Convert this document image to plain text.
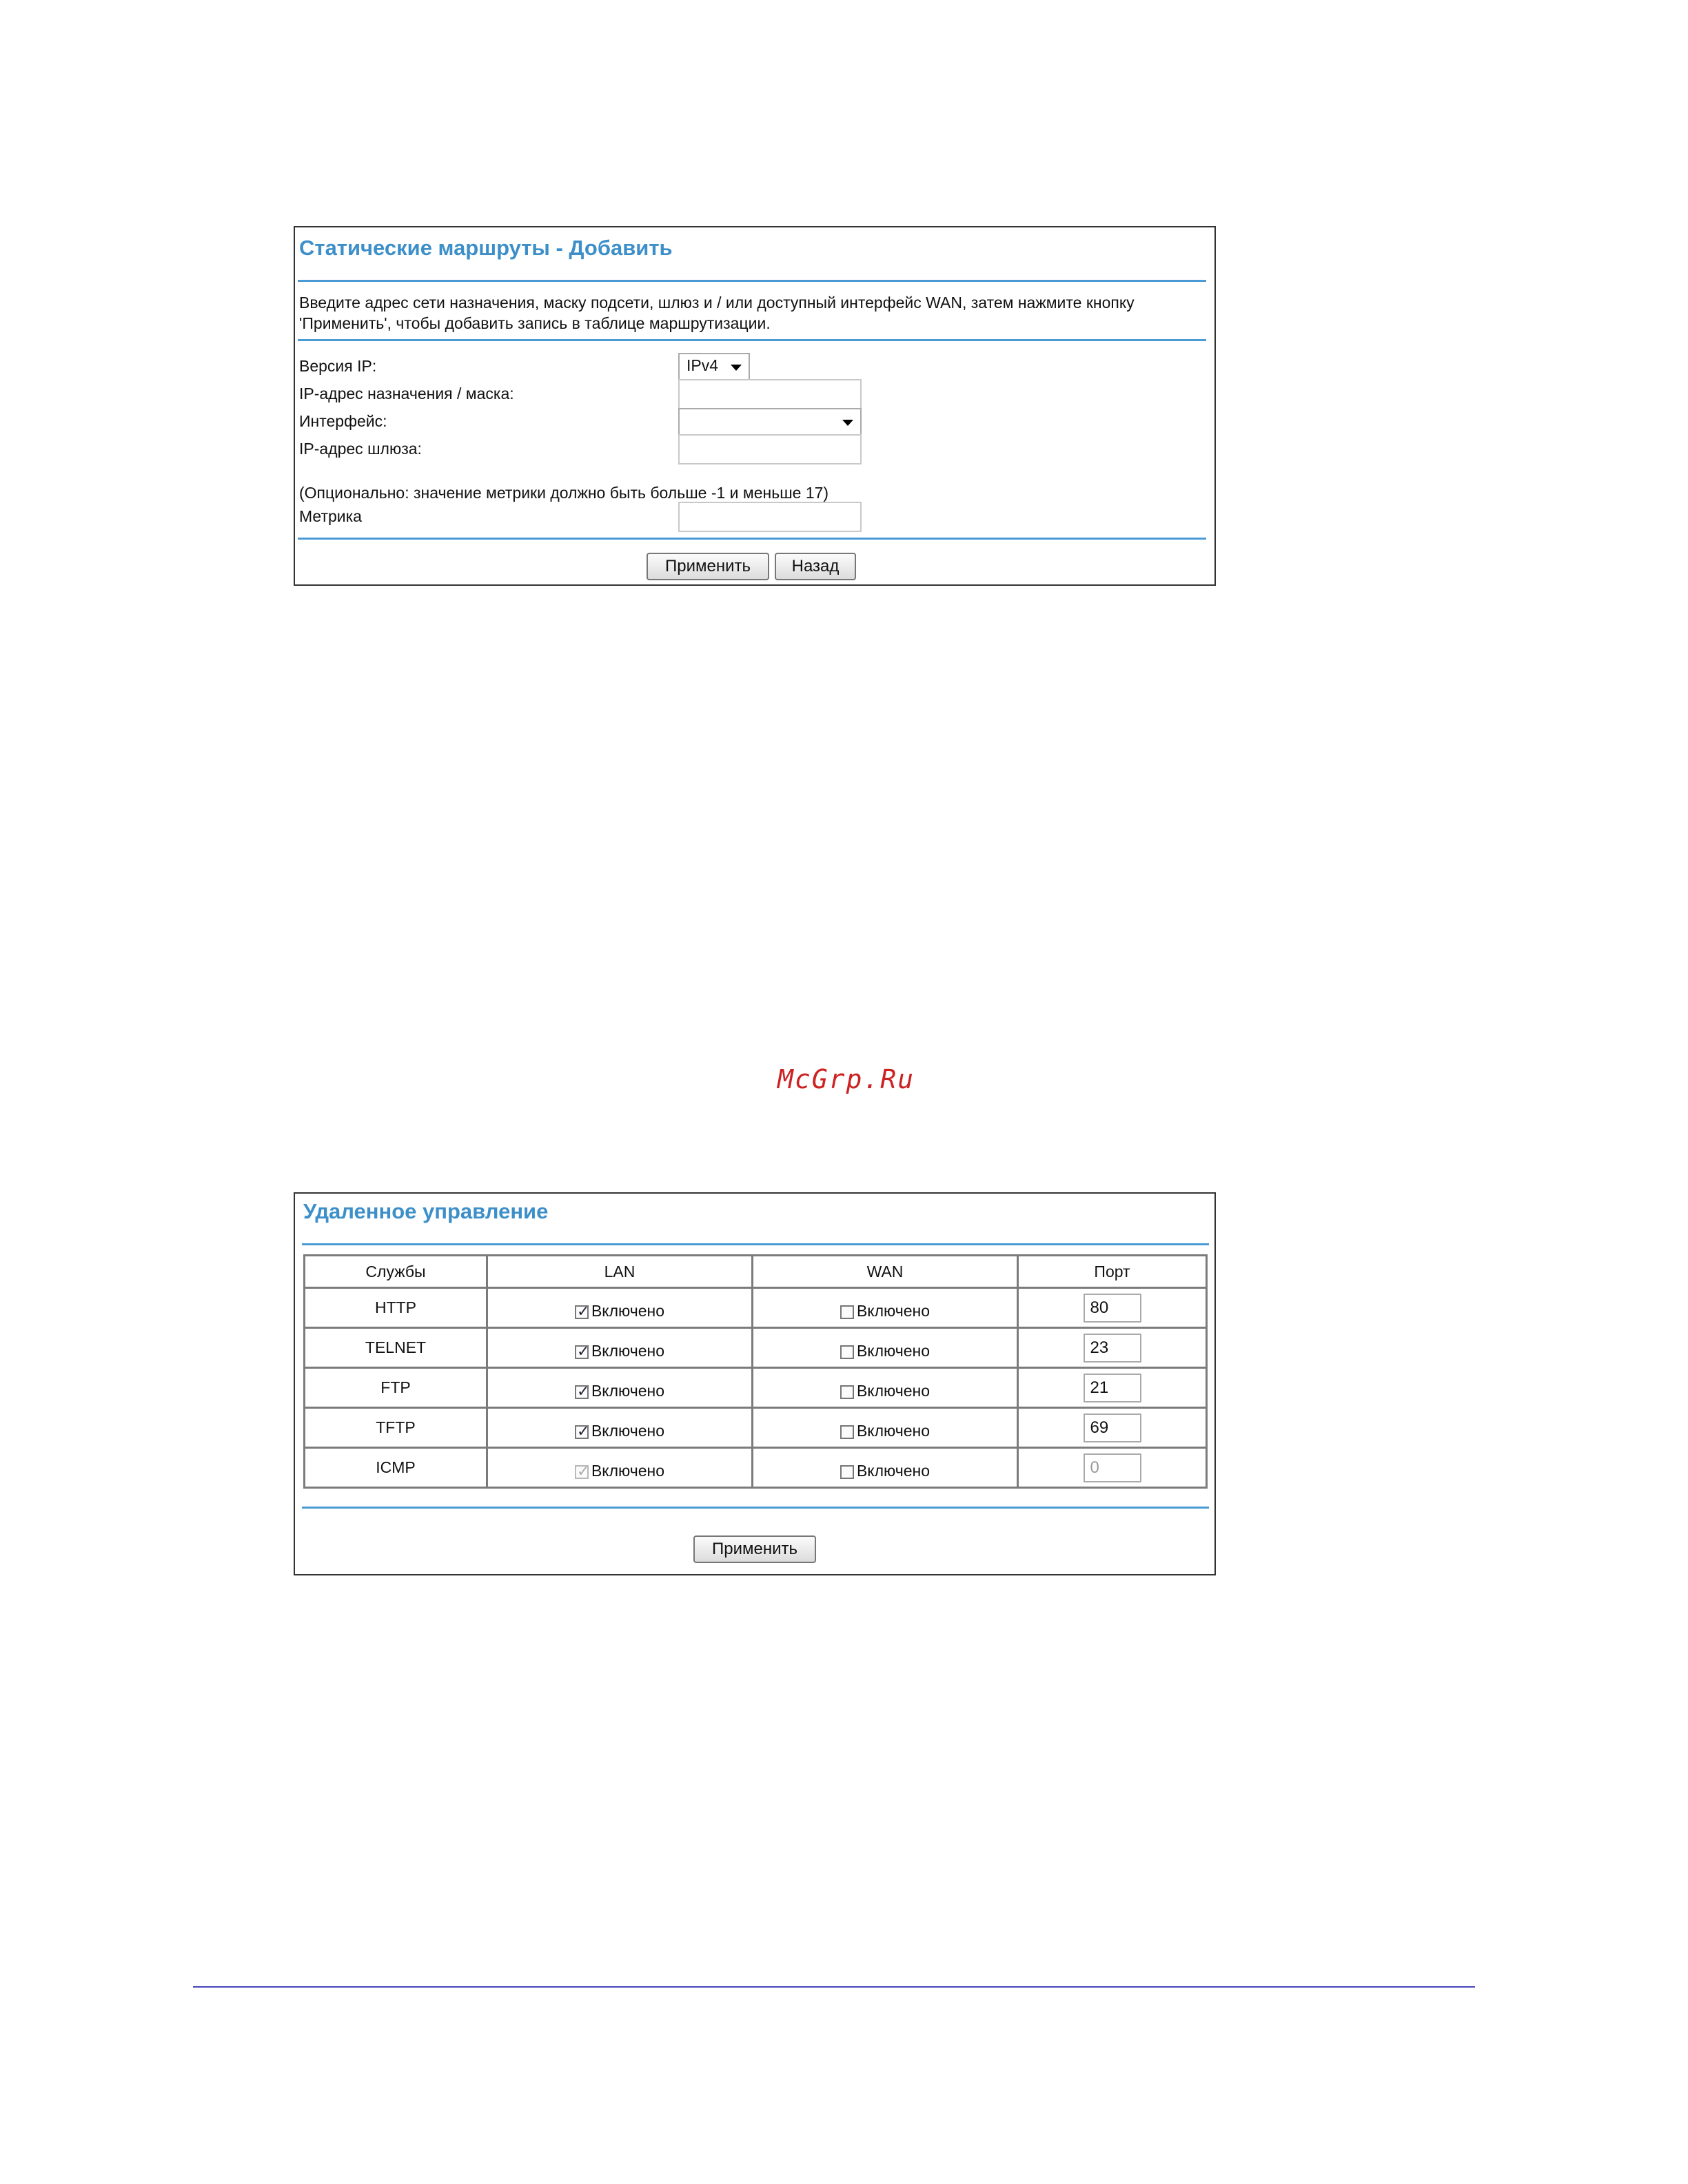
Статические маршруты - Добавить
Введите адрес сети назначения, маску подсети, шлюз и / или доступный интерфейс WAN, затем нажмите кнопку
'Применить', чтобы добавить запись в таблице маршрутизации.
Версия IP:	IPv4
IP-адрес назначения / маска:
Интерфейс:
IP-адрес шлюза:
(Опционально: значение метрики должно быть больше -1 и меньше 17)
Метрика
Применить	Назад
McGrp.Ru
Удаленное управление
Службы	LAN	WAN	Порт
HTTP	✓Включено	Включено	80
TELNET	✓Включено	Включено	23
FTP	✓Включено	Включено	21
TFTP	✓Включено	Включено	69
ICMP	✓Включено	Включено	0
Применить
